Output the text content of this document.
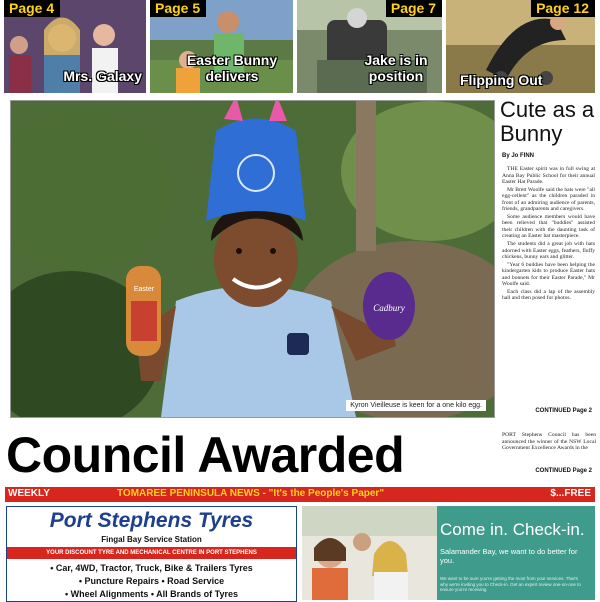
Page 4
Mrs. Galaxy
Page 5
Easter Bunny delivers
Page 7
Jake is in position
Page 12
Flipping Out
Easter
Cadbury
Kyron Vieilleuse is keen for a one kilo egg.
Cute as a Bunny
By Jo FINN

THE Easter spirit was in full swing at Anna Bay Public School for their annual Easter Hat Parade.

Mr Brett Woolfe said the hats were "all egg-cellent" as the children paraded in front of an admiring audience of parents, friends, grandparents and caregivers.

Some audience members would have been relieved that "buddies" assisted their children with the daunting task of creating an Easter hat masterpiece.

The students did a great job with hats adorned with Easter eggs, feathers, fluffy chickens, bunny ears and glitter.

"Year 6 buddies have been helping the kindergarten kids to produce Easter hats and bonnets for their Easter Parade," Mr Woolfe said.

Each class did a lap of the assembly hall and then posed for photos.

CONTINUED Page 2
Council Awarded	PORT Stephens Council has been announced the winner of the NSW Local Government Excellence Awards in the
CONTINUED Page 2
WEEKLY	TOMAREE PENINSULA NEWS - "It's the People's Paper"	$...FREE
Port Stephens Tyres
Fingal Bay Service Station
YOUR DISCOUNT TYRE AND MECHANICAL CENTRE IN PORT STEPHENS
• Car, 4WD, Tractor, Truck, Bike & Trailers Tyres
• Puncture Repairs • Road Service
• Wheel Alignments • All Brands of Tyres
Come in. Check-in.
Salamander Bay, we want to do better for you.
We want to be sure you're getting the most from your services. That's why we're inviting you to Check-in. Get an expert review one-on-one to ensure you're receiving
